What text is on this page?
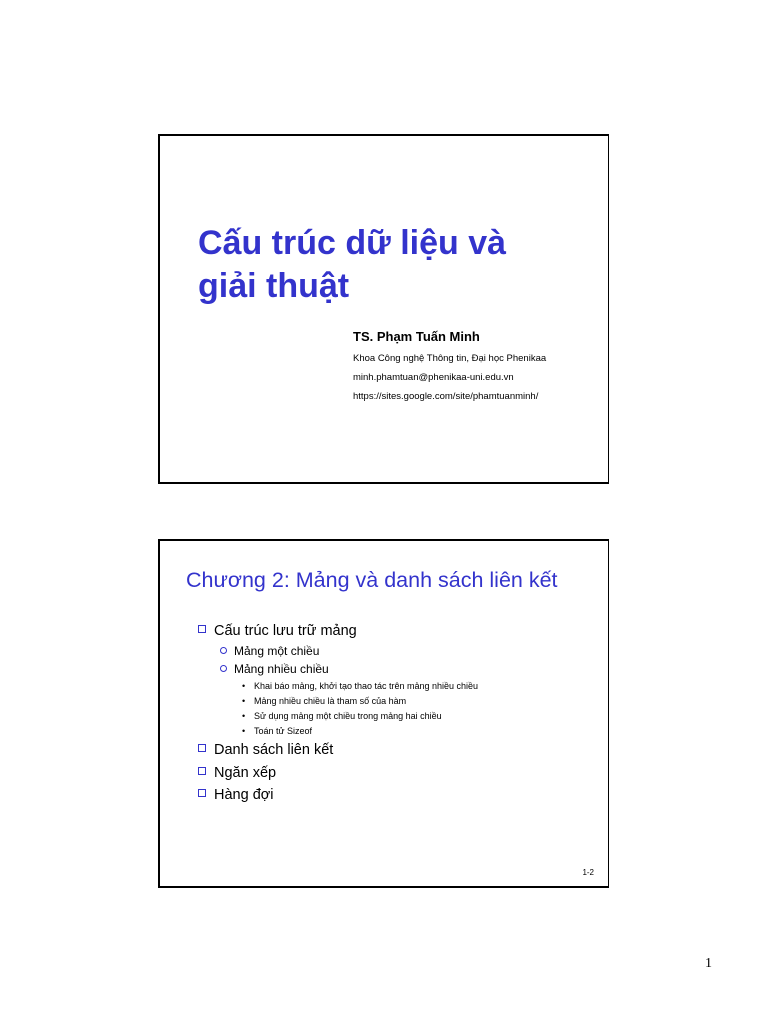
Cấu trúc dữ liệu và
giải thuật

TS. Phạm Tuấn Minh

Khoa Công nghệ Thông tin, Đại học Phenikaa

minh.phamtuan@phenikaa-uni.edu.vn

https://sites.google.com/site/phamtuanminh/

Chương 2: Mảng và danh sách liên kết
Cấu trúc lưu trữ mảng
Mảng một chiều
Mảng nhiều chiều
• Khai báo mảng, khởi tạo thao tác trên mảng nhiều chiều
• Mảng nhiều chiều là tham số của hàm
• Sử dụng mảng một chiều trong mảng hai chiều
• Toán tử Sizeof
Danh sách liên kết
Ngăn xếp
Hàng đợi
1-2
1
